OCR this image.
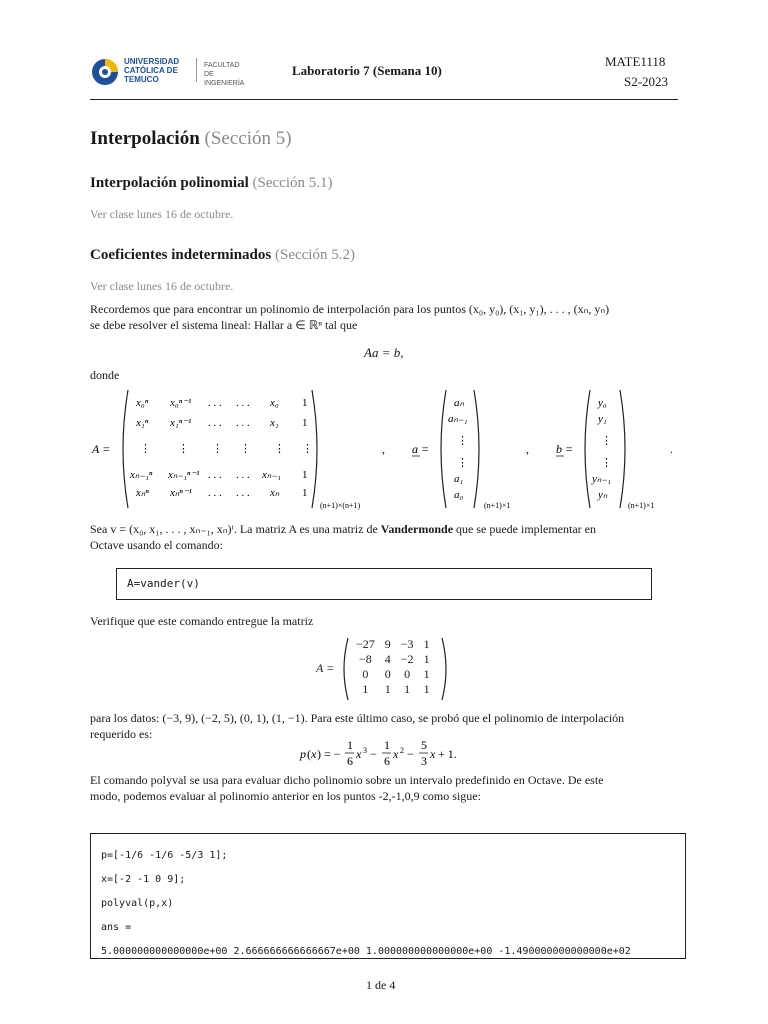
UNIVERSIDAD
CATÓLICA DE
TEMUCO
FACULTAD DE
INGENIERÍA
Laboratorio 7 (Semana 10)
MATE1118
S2-2023
Interpolación (Sección 5)
Interpolación polinomial (Sección 5.1)
Ver clase lunes 16 de octubre.
Coeficientes indeterminados (Sección 5.2)
Ver clase lunes 16 de octubre.
Recordemos que para encontrar un polinomio de interpolación para los puntos (x₀, y₀), (x₁, y₁), . . . , (xₙ, yₙ)
se debe resolver el sistema lineal: Hallar a ∈ ℝⁿ tal que
Aa = b,
donde
A =
x₀ⁿ x₀ⁿ⁻¹ . . . . . . x₀ 1
x₁ⁿ x₁ⁿ⁻¹ . . . . . . x₁ 1
⋮ ⋮ ⋮ ⋮ ⋮ ⋮
xₙ₋₁ⁿ xₙ₋₁ⁿ⁻¹ . . . . . . xₙ₋₁ 1
xₙⁿ xₙⁿ⁻¹ . . . . . . xₙ 1
(n+1)×(n+1)
, a =
aₙ
aₙ₋₁
⋮
⋮
a₁
a₀
(n+1)×1
, b =
y₀
y₁
⋮
⋮
yₙ₋₁
yₙ
(n+1)×1
.
Sea v = (x₀, x₁, . . . , xₙ₋₁, xₙ)ᵗ. La matriz A es una matriz de Vandermonde que se puede implementar en
Octave usando el comando:
A=vander(v)
Verifique que este comando entregue la matriz
A =
−27	9	−3	1
−8	4	−2	1
0	0	0	1
1	1	1	1
para los datos: (−3, 9), (−2, 5), (0, 1), (1, −1). Para este último caso, se probó que el polinomio de interpolación
requerido es:
p ( x ) = −
1
6 x 3 −
1
6 x 2 −
5
3 x + 1.
El comando polyval se usa para evaluar dicho polinomio sobre un intervalo predefinido en Octave. De este
modo, podemos evaluar al polinomio anterior en los puntos -2,-1,0,9 como sigue:
p=[-1/6 -1/6 -5/3 1];
x=[-2 -1 0 9];
polyval(p,x)
ans =
5.000000000000000e+00 2.666666666666667e+00 1.000000000000000e+00 -1.490000000000000e+02
1 de 4
